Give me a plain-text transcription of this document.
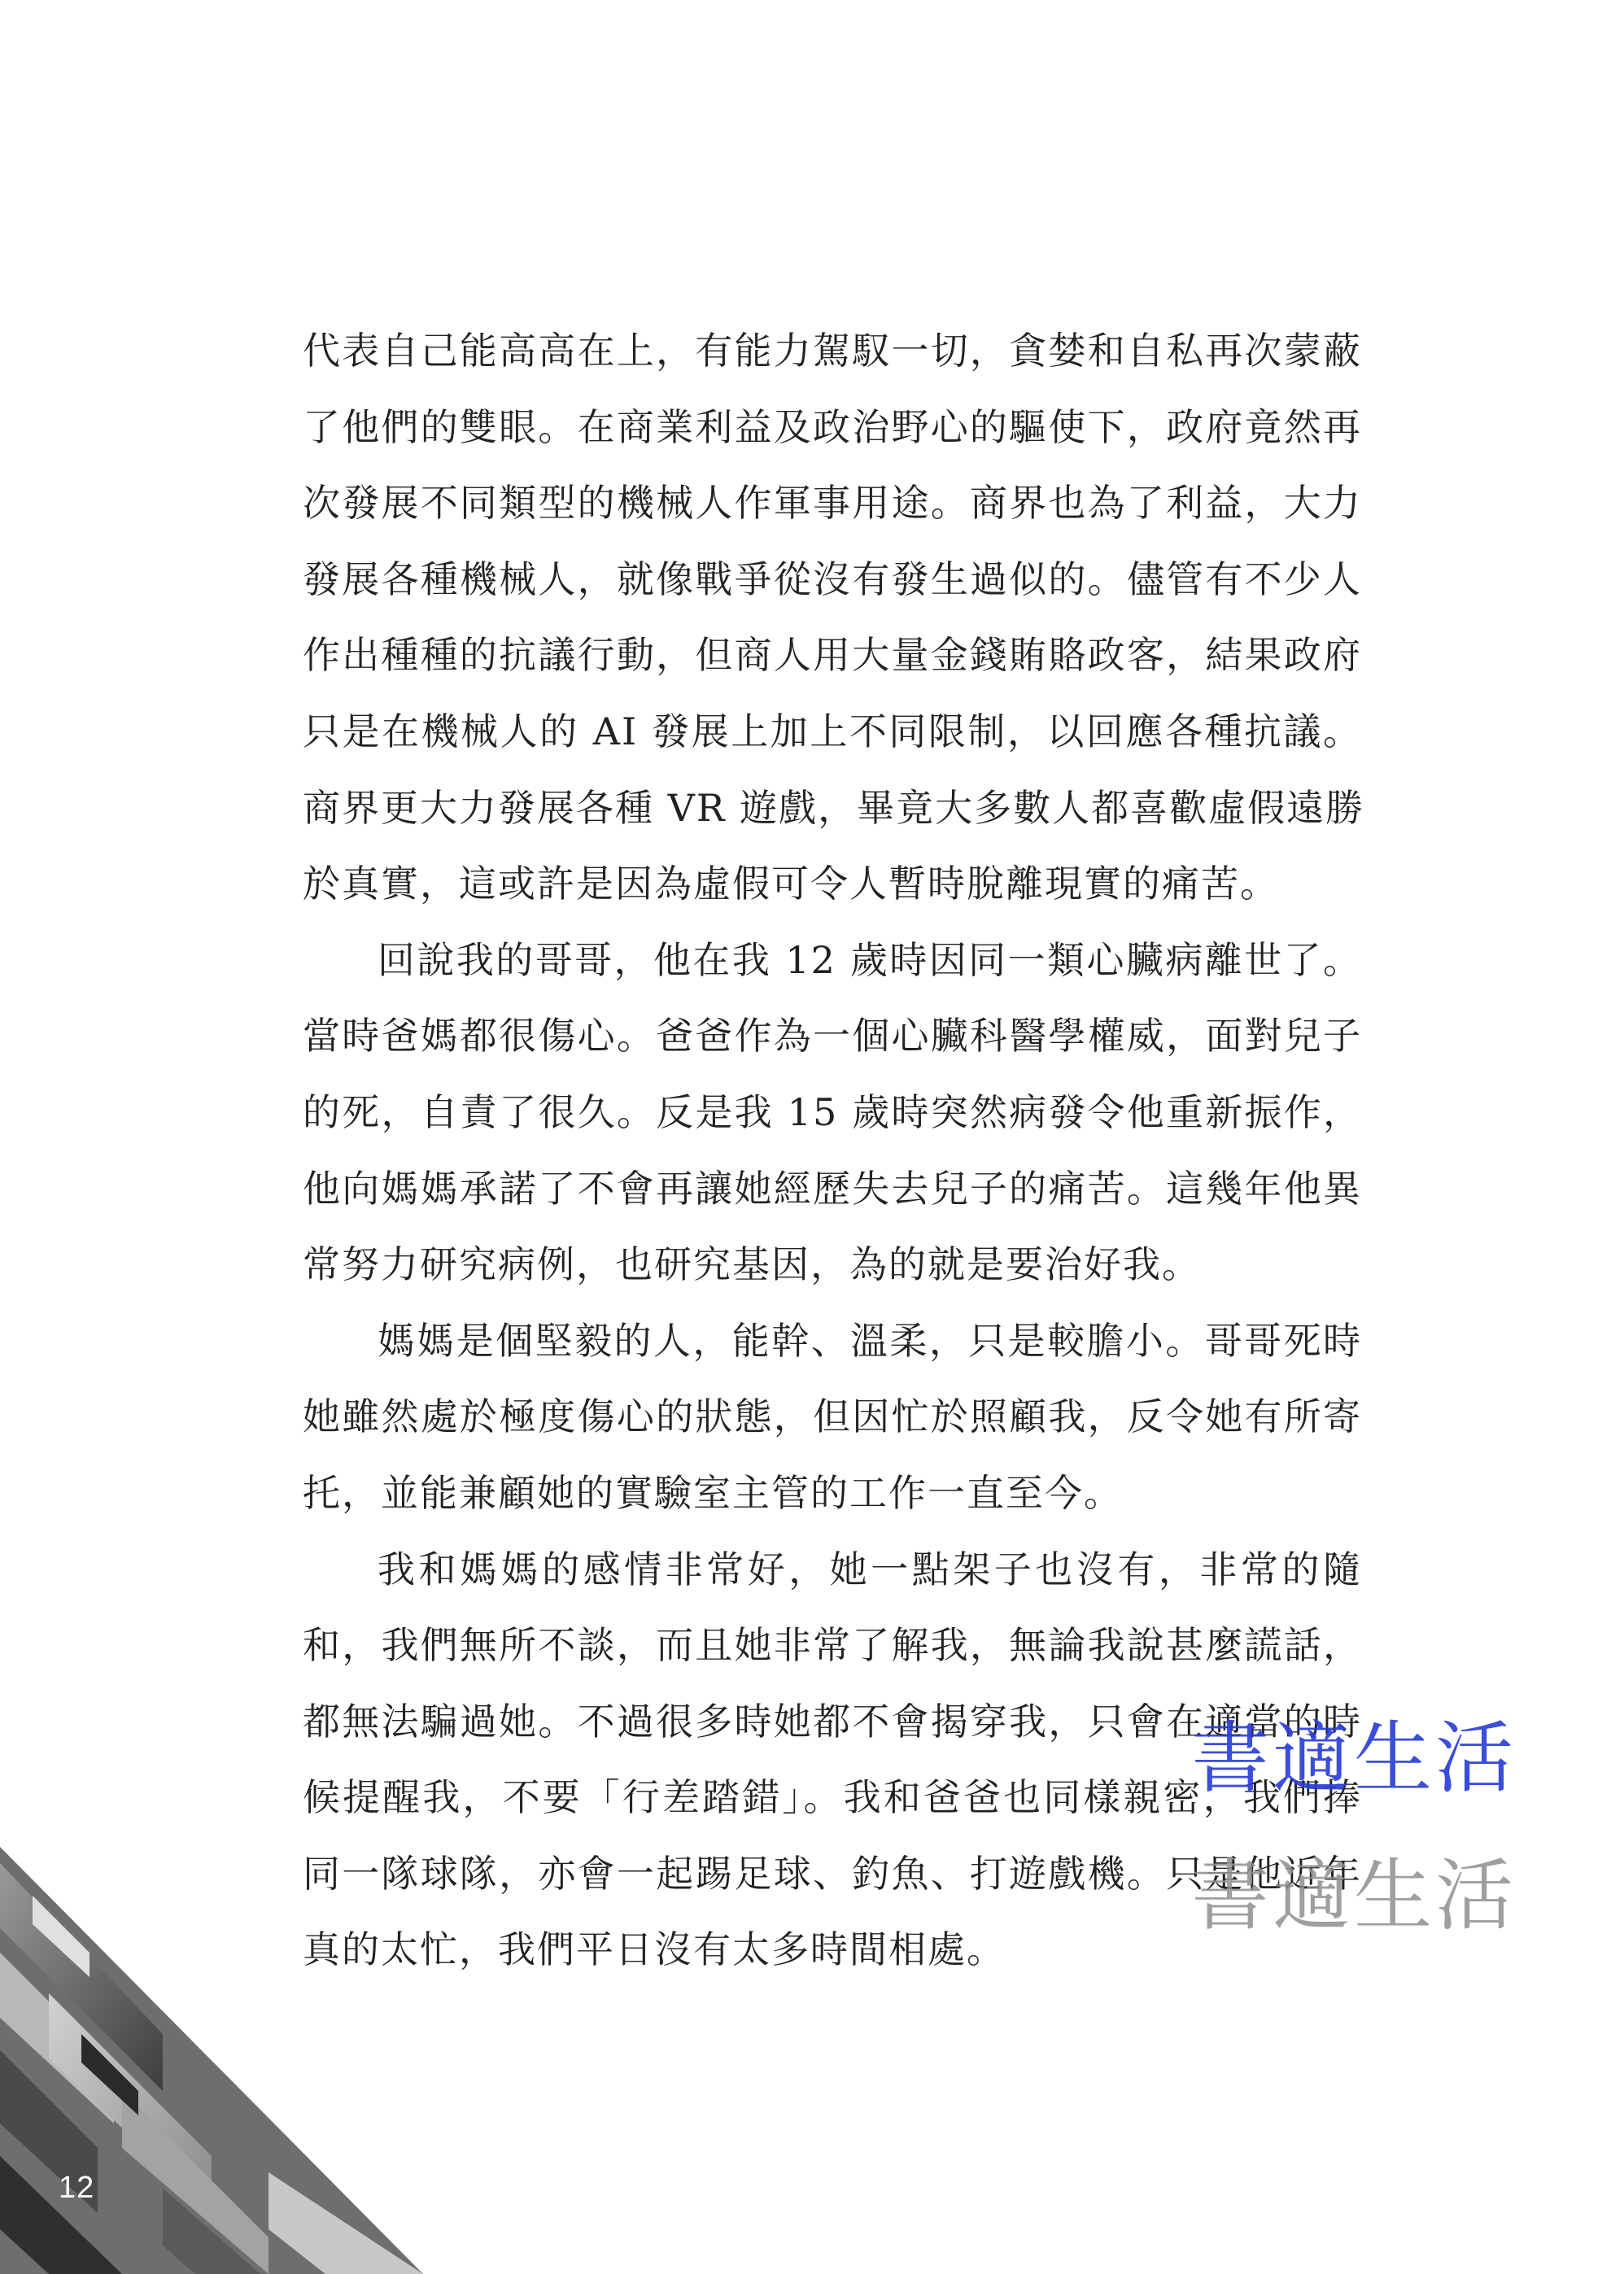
代表自己能高高在上，有能力駕馭一切，貪婪和自私再次蒙蔽
了他們的雙眼。在商業利益及政治野心的驅使下，政府竟然再
次發展不同類型的機械人作軍事用途。商界也為了利益，大力
發展各種機械人，就像戰爭從沒有發生過似的。儘管有不少人
作出種種的抗議行動，但商人用大量金錢賄賂政客，結果政府
只是在機械人的 AI 發展上加上不同限制，以回應各種抗議。
商界更大力發展各種 VR 遊戲，畢竟大多數人都喜歡虛假遠勝
於真實，這或許是因為虛假可令人暫時脫離現實的痛苦。
回說我的哥哥，他在我 12 歲時因同一類心臟病離世了。
當時爸媽都很傷心。爸爸作為一個心臟科醫學權威，面對兒子
的死，自責了很久。反是我 15 歲時突然病發令他重新振作，
他向媽媽承諾了不會再讓她經歷失去兒子的痛苦。這幾年他異
常努力研究病例，也研究基因，為的就是要治好我。
媽媽是個堅毅的人，能幹、溫柔，只是較膽小。哥哥死時
她雖然處於極度傷心的狀態，但因忙於照顧我，反令她有所寄
托，並能兼顧她的實驗室主管的工作一直至今。
我和媽媽的感情非常好，她一點架子也沒有，非常的隨
和，我們無所不談，而且她非常了解我，無論我說甚麼謊話，
都無法騙過她。不過很多時她都不會揭穿我，只會在適當的時
候提醒我，不要「行差踏錯」。我和爸爸也同樣親密，我們捧
同一隊球隊，亦會一起踢足球、釣魚、打遊戲機。只是他近年
真的太忙，我們平日沒有太多時間相處。
12
書適生活
書適生活
